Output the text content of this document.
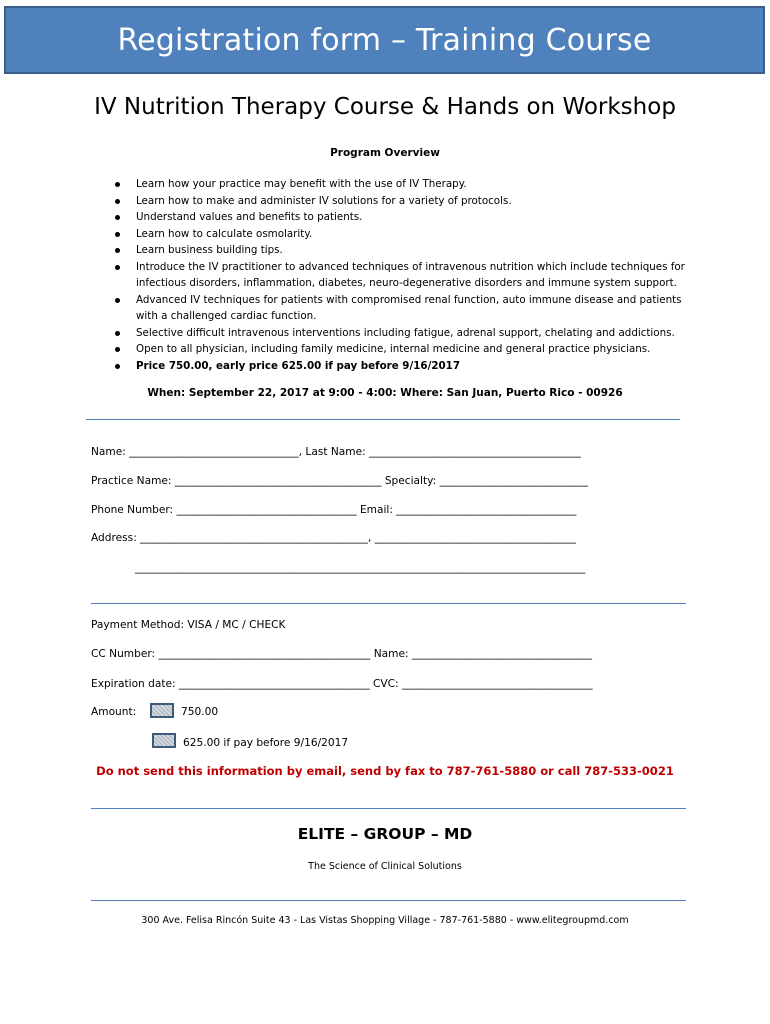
Registration form – Training Course
IV Nutrition Therapy Course & Hands on Workshop
Program Overview
Learn how your practice may benefit with the use of IV Therapy.
Learn how to make and administer IV solutions for a variety of protocols.
Understand values and benefits to patients.
Learn how to calculate osmolarity.
Learn business building tips.
Introduce the IV practitioner to advanced techniques of intravenous nutrition which include techniques for infectious disorders, inflammation, diabetes, neuro-degenerative disorders and immune system support.
Advanced IV techniques for patients with compromised renal function, auto immune disease and patients with a challenged cardiac function.
Selective difficult intravenous interventions including fatigue, adrenal support, chelating and addictions.
Open to all physician, including family medicine, internal medicine and general practice physicians.
Price 750.00, early price 625.00 if pay before 9/16/2017
When: September 22, 2017 at 9:00 - 4:00: Where: San Juan, Puerto Rico - 00926
Name: ________________________________, Last Name: ________________________________________
Practice Name: _______________________________________ Specialty: ____________________________
Phone Number: __________________________________ Email: __________________________________
Address: ___________________________________________, ______________________________________
_____________________________________________________________________________________
Payment Method: VISA / MC / CHECK
CC Number: ________________________________________ Name: __________________________________
Expiration date: ____________________________________ CVC: ____________________________________
Amount:	750.00
625.00 if pay before 9/16/2017
Do not send this information by email, send by fax to 787-761-5880 or call 787-533-0021
ELITE – GROUP – MD
The Science of Clinical Solutions
300 Ave. Felisa Rincón Suite 43 - Las Vistas Shopping Village - 787-761-5880 - www.elitegroupmd.com
